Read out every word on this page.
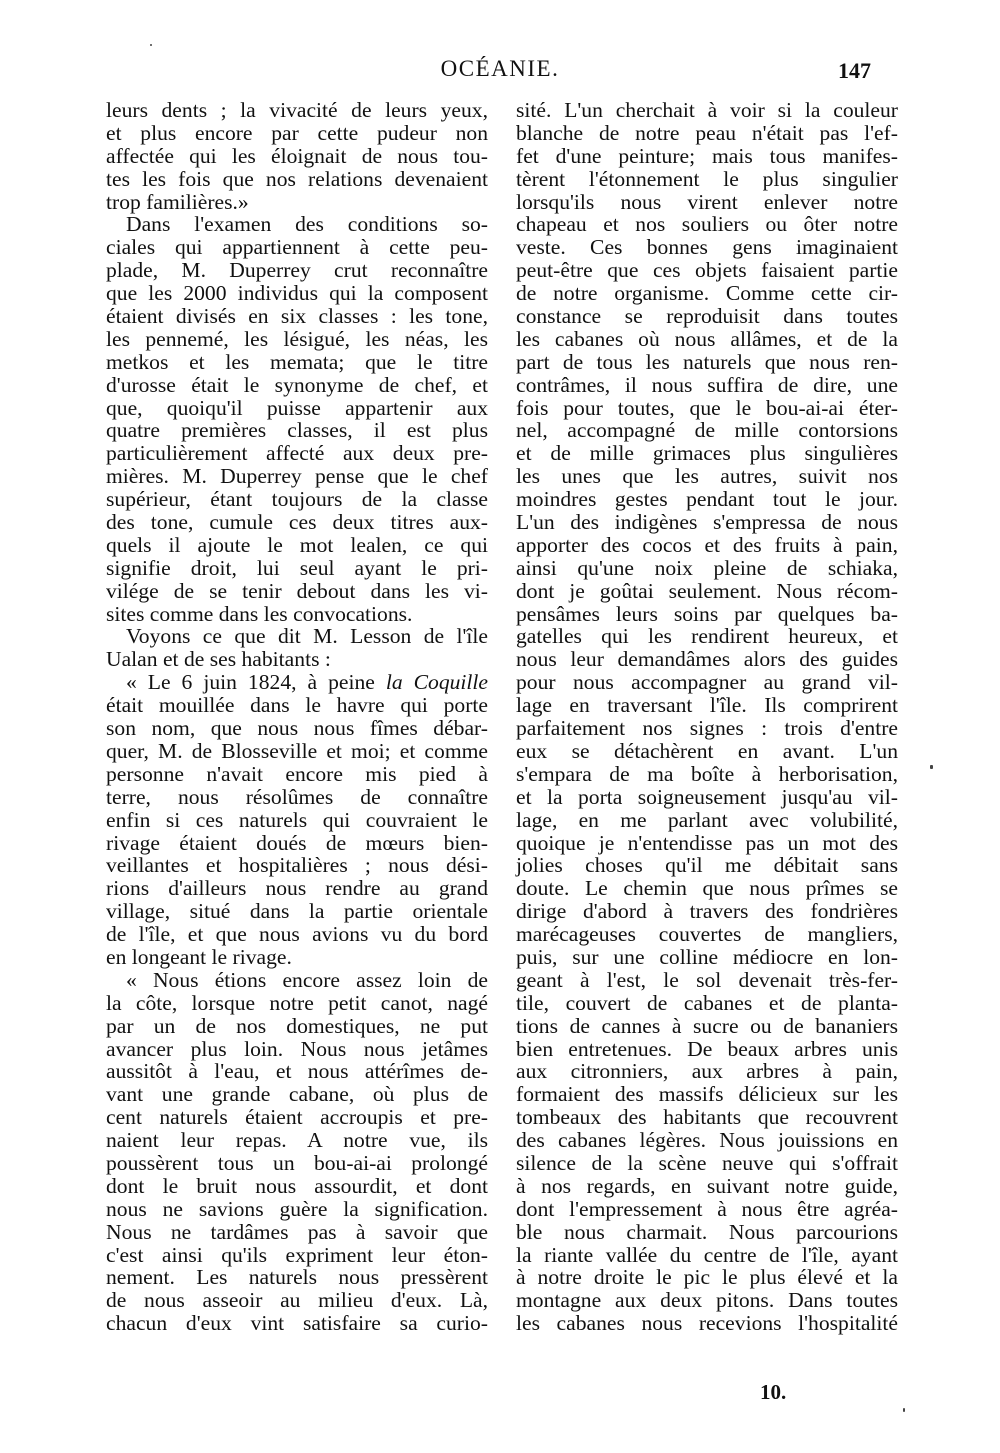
OCÉANIE.	147
leurs dents ; la vivacité de leurs yeux,
et plus encore par cette pudeur non
affectée qui les éloignait de nous tou-
tes les fois que nos relations devenaient
trop familières.»
Dans l'examen des conditions so-
ciales qui appartiennent à cette peu-
plade, M. Duperrey crut reconnaître
que les 2000 individus qui la composent
étaient divisés en six classes : les tone,
les pennemé, les lésigué, les néas, les
metkos et les memata; que le titre
d'urosse était le synonyme de chef, et
que, quoiqu'il puisse appartenir aux
quatre premières classes, il est plus
particulièrement affecté aux deux pre-
mières. M. Duperrey pense que le chef
supérieur, étant toujours de la classe
des tone, cumule ces deux titres aux-
quels il ajoute le mot lealen, ce qui
signifie droit, lui seul ayant le pri-
vilége de se tenir debout dans les vi-
sites comme dans les convocations.
Voyons ce que dit M. Lesson de l'île
Ualan et de ses habitants :
« Le 6 juin 1824, à peine la Coquille
était mouillée dans le havre qui porte
son nom, que nous nous fîmes débar-
quer, M. de Blosseville et moi; et comme
personne n'avait encore mis pied à
terre, nous résolûmes de connaître
enfin si ces naturels qui couvraient le
rivage étaient doués de mœurs bien-
veillantes et hospitalières ; nous dési-
rions d'ailleurs nous rendre au grand
village, situé dans la partie orientale
de l'île, et que nous avions vu du bord
en longeant le rivage.
« Nous étions encore assez loin de
la côte, lorsque notre petit canot, nagé
par un de nos domestiques, ne put
avancer plus loin. Nous nous jetâmes
aussitôt à l'eau, et nous attérîmes de-
vant une grande cabane, où plus de
cent naturels étaient accroupis et pre-
naient leur repas. A notre vue, ils
poussèrent tous un bou-ai-ai prolongé
dont le bruit nous assourdit, et dont
nous ne savions guère la signification.
Nous ne tardâmes pas à savoir que
c'est ainsi qu'ils expriment leur éton-
nement. Les naturels nous pressèrent
de nous asseoir au milieu d'eux. Là,
chacun d'eux vint satisfaire sa curio-
sité. L'un cherchait à voir si la couleur
blanche de notre peau n'était pas l'ef-
fet d'une peinture; mais tous manifes-
tèrent l'étonnement le plus singulier
lorsqu'ils nous virent enlever notre
chapeau et nos souliers ou ôter notre
veste. Ces bonnes gens imaginaient
peut-être que ces objets faisaient partie
de notre organisme. Comme cette cir-
constance se reproduisit dans toutes
les cabanes où nous allâmes, et de la
part de tous les naturels que nous ren-
contrâmes, il nous suffira de dire, une
fois pour toutes, que le bou-ai-ai éter-
nel, accompagné de mille contorsions
et de mille grimaces plus singulières
les unes que les autres, suivit nos
moindres gestes pendant tout le jour.
L'un des indigènes s'empressa de nous
apporter des cocos et des fruits à pain,
ainsi qu'une noix pleine de schiaka,
dont je goûtai seulement. Nous récom-
pensâmes leurs soins par quelques ba-
gatelles qui les rendirent heureux, et
nous leur demandâmes alors des guides
pour nous accompagner au grand vil-
lage en traversant l'île. Ils comprirent
parfaitement nos signes : trois d'entre
eux se détachèrent en avant. L'un
s'empara de ma boîte à herborisation,
et la porta soigneusement jusqu'au vil-
lage, en me parlant avec volubilité,
quoique je n'entendisse pas un mot des
jolies choses qu'il me débitait sans
doute. Le chemin que nous prîmes se
dirige d'abord à travers des fondrières
marécageuses couvertes de mangliers,
puis, sur une colline médiocre en lon-
geant à l'est, le sol devenait très-fer-
tile, couvert de cabanes et de planta-
tions de cannes à sucre ou de bananiers
bien entretenues. De beaux arbres unis
aux citronniers, aux arbres à pain,
formaient des massifs délicieux sur les
tombeaux des habitants que recouvrent
des cabanes légères. Nous jouissions en
silence de la scène neuve qui s'offrait
à nos regards, en suivant notre guide,
dont l'empressement à nous être agréa-
ble nous charmait. Nous parcourions
la riante vallée du centre de l'île, ayant
à notre droite le pic le plus élevé et la
montagne aux deux pitons. Dans toutes
les cabanes nous recevions l'hospitalité
10.
